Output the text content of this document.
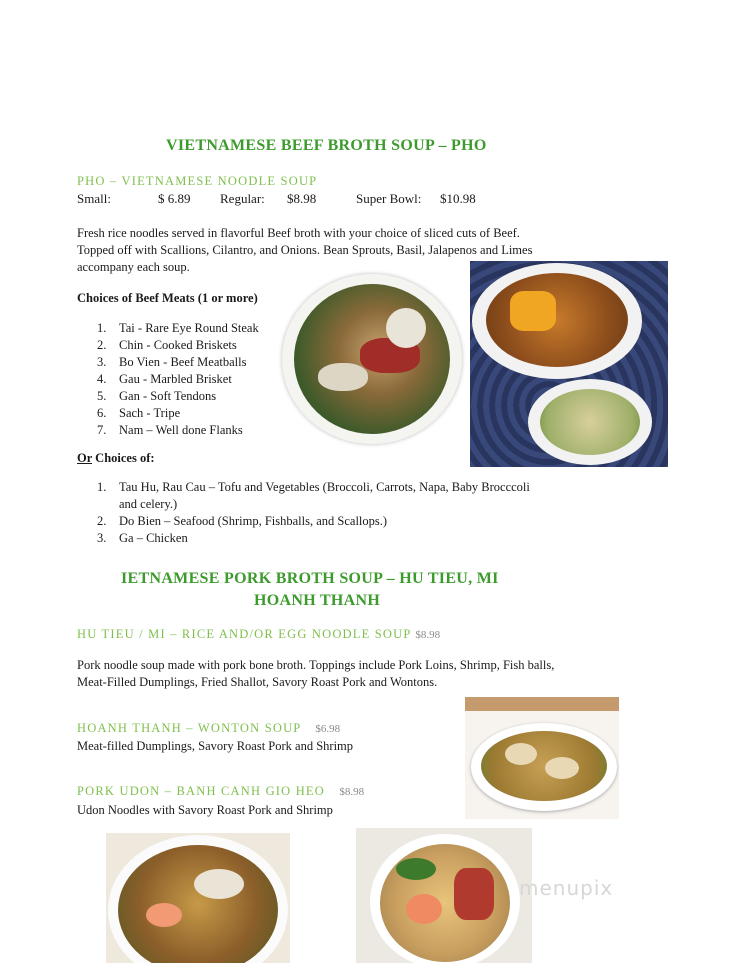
VIETNAMESE BEEF BROTH SOUP – PHO
PHO – VIETNAMESE NOODLE SOUP
Small:	$ 6.89 Regular: $8.98	Super Bowl: $10.98
Fresh rice noodles served in flavorful Beef broth with your choice of sliced cuts of Beef. Topped off with Scallions, Cilantro, and Onions. Bean Sprouts, Basil, Jalapenos and Limes accompany each soup.
Choices of Beef Meats (1 or more)
1. Tai - Rare Eye Round Steak
2. Chin - Cooked Briskets
3. Bo Vien - Beef Meatballs
4. Gau - Marbled Brisket
5. Gan - Soft Tendons
6. Sach - Tripe
7. Nam – Well done Flanks
Or Choices of:
1. Tau Hu, Rau Cau – Tofu and Vegetables (Broccoli, Carrots, Napa, Baby Brocccoli and celery.)
2. Do Bien – Seafood (Shrimp, Fishballs, and Scallops.)
3. Ga – Chicken
IETNAMESE PORK BROTH SOUP – HU TIEU, MI
HOANH THANH
HU TIEU / MI – RICE AND/OR EGG NOODLE SOUP $8.98
Pork noodle soup made with pork bone broth. Toppings include Pork Loins, Shrimp, Fish balls, Meat-Filled Dumplings, Fried Shallot, Savory Roast Pork and Wontons.
HOANH THANH – WONTON SOUP $6.98
Meat-filled Dumplings, Savory Roast Pork and Shrimp
PORK UDON – BANH CANH GIO HEO $8.98
Udon Noodles with Savory Roast Pork and Shrimp
menupix
